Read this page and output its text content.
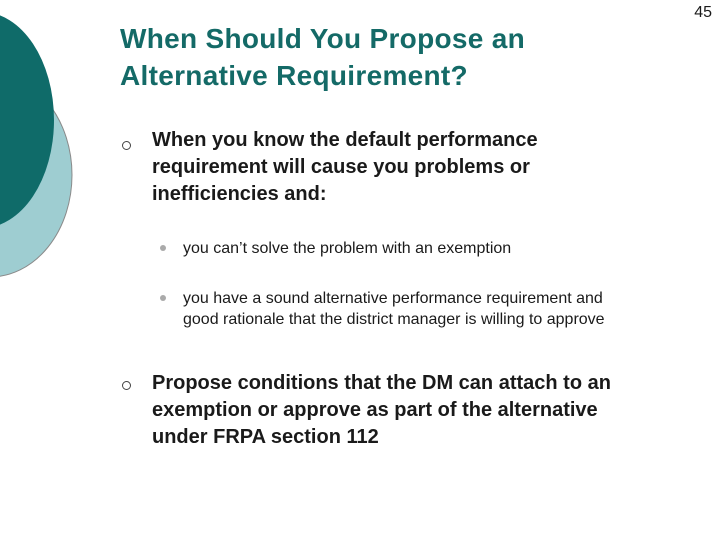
45
When Should You Propose an Alternative Requirement?
When you know the default performance requirement will cause you problems or inefficiencies and:
you can’t solve the problem with an exemption
you have a sound alternative performance requirement and good rationale that the district manager is willing to approve
Propose conditions that the DM can attach to an exemption or approve as part of the alternative under FRPA section 112
